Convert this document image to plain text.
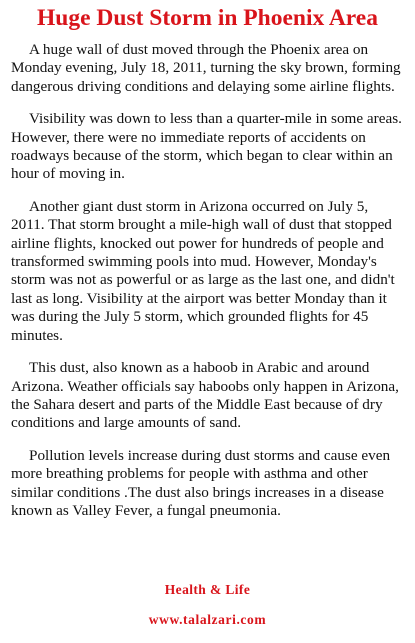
Huge Dust Storm in Phoenix Area

A huge wall of dust moved through the Phoenix area on Monday evening, July 18, 2011, turning the sky brown, forming dangerous driving conditions and delaying some airline flights.

Visibility was down to less than a quarter-mile in some areas. However, there were no immediate reports of accidents on roadways because of the storm, which began to clear within an hour of moving in.

Another giant dust storm in Arizona occurred on July 5, 2011. That storm brought a mile-high wall of dust that stopped airline flights, knocked out power for hundreds of people and transformed swimming pools into mud. However, Monday's storm was not as powerful or as large as the last one, and didn't last as long. Visibility at the airport was better Monday than it was during the July 5 storm, which grounded flights for 45 minutes.

This dust, also known as a haboob in Arabic and around Arizona. Weather officials say haboobs only happen in Arizona, the Sahara desert and parts of the Middle East because of dry conditions and large amounts of sand.

Pollution levels increase during dust storms and cause even more breathing problems for people with asthma and other similar conditions .The dust also brings increases in a disease known as Valley Fever, a fungal pneumonia.

Health & Life

www.talalzari.com
